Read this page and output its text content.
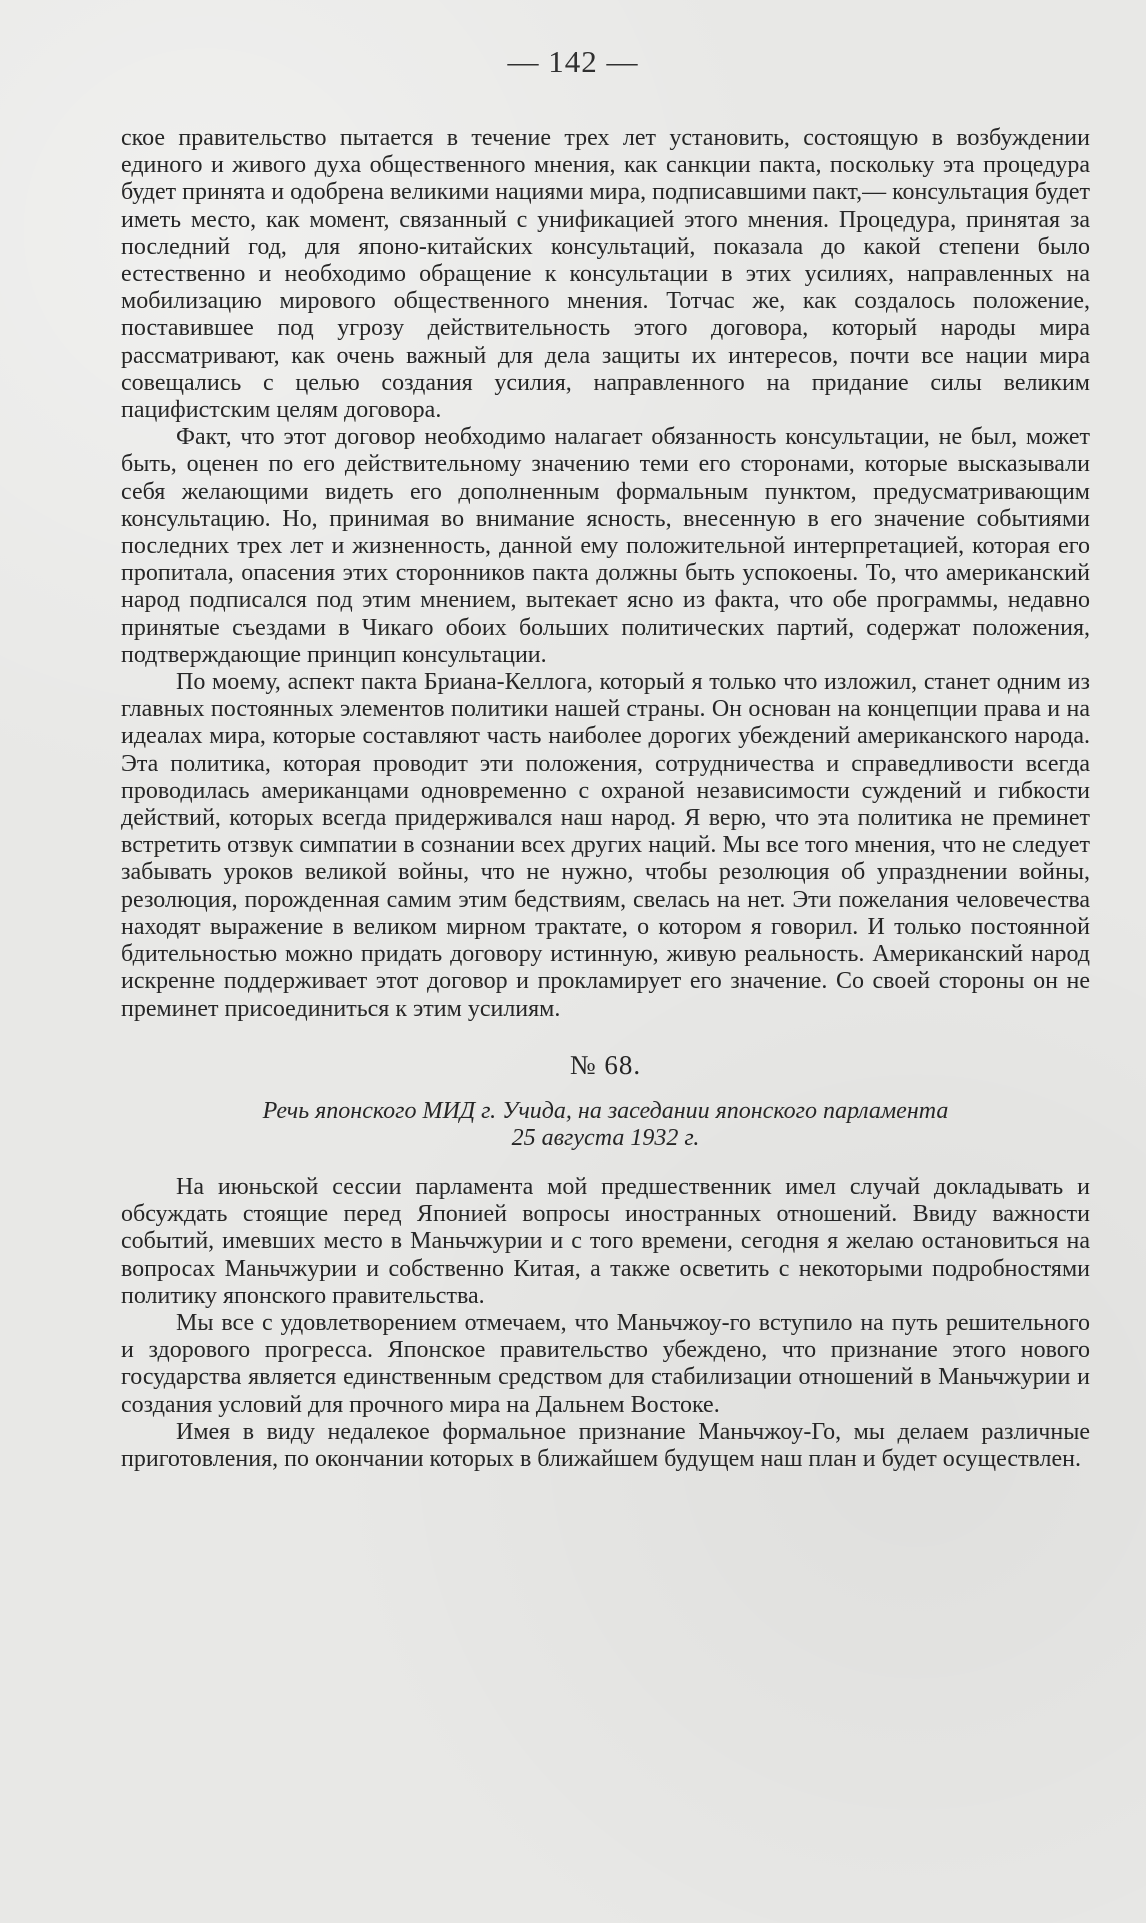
— 142 —

ское правительство пытается в течение трех лет установить, состоящую в возбуждении единого и живого духа общественного мнения, как санкции пакта, поскольку эта процедура будет принята и одобрена великими нациями мира, подписавшими пакт,— консультация будет иметь место, как момент, связанный с унификацией этого мнения. Процедура, принятая за последний год, для японо-китайских консультаций, показала до какой степени было естественно и необходимо обращение к консультации в этих усилиях, направленных на мобилизацию мирового общественного мнения. Тотчас же, как создалось положение, поставившее под угрозу действительность этого договора, который народы мира рассматривают, как очень важный для дела защиты их интересов, почти все нации мира совещались с целью создания усилия, направленного на придание силы великим пацифистским целям договора.

Факт, что этот договор необходимо налагает обязанность консультации, не был, может быть, оценен по его действительному значению теми его сторонами, которые высказывали себя желающими видеть его дополненным формальным пунктом, предусматривающим консультацию. Но, принимая во внимание ясность, внесенную в его значение событиями последних трех лет и жизненность, данной ему положительной интерпретацией, которая его пропитала, опасения этих сторонников пакта должны быть успокоены. То, что американский народ подписался под этим мнением, вытекает ясно из факта, что обе программы, недавно принятые съездами в Чикаго обоих больших политических партий, содержат положения, подтверждающие принцип консультации.

По моему, аспект пакта Бриана-Келлога, который я только что изложил, станет одним из главных постоянных элементов политики нашей страны. Он основан на концепции права и на идеалах мира, которые составляют часть наиболее дорогих убеждений американского народа. Эта политика, которая проводит эти положения, сотрудничества и справедливости всегда проводилась американцами одновременно с охраной независимости суждений и гибкости действий, которых всегда придерживался наш народ. Я верю, что эта политика не преминет встретить отзвук симпатии в сознании всех других наций. Мы все того мнения, что не следует забывать уроков великой войны, что не нужно, чтобы резолюция об упразднении войны, резолюция, порожденная самим этим бедствиям, свелась на нет. Эти пожелания человечества находят выражение в великом мирном трактате, о котором я говорил. И только постоянной бдительностью можно придать договору истинную, живую реальность. Американский народ искренне поддерживает этот договор и прокламирует его значение. Со своей стороны он не преминет присоединиться к этим усилиям.

№ 68.
Речь японского МИД г. Учида, на заседании японского парламента
25 августа 1932 г.

На июньской сессии парламента мой предшественник имел случай докладывать и обсуждать стоящие перед Японией вопросы иностранных отношений. Ввиду важности событий, имевших место в Маньчжурии и с того времени, сегодня я желаю остановиться на вопросах Маньчжурии и собственно Китая, а также осветить с некоторыми подробностями политику японского правительства.

Мы все с удовлетворением отмечаем, что Маньчжоу-го вступило на путь решительного и здорового прогресса. Японское правительство убеждено, что признание этого нового государства является единственным средством для стабилизации отношений в Маньчжурии и создания условий для прочного мира на Дальнем Востоке.

Имея в виду недалекое формальное признание Маньчжоу-Го, мы делаем различные приготовления, по окончании которых в ближайшем будущем наш план и будет осуществлен.
